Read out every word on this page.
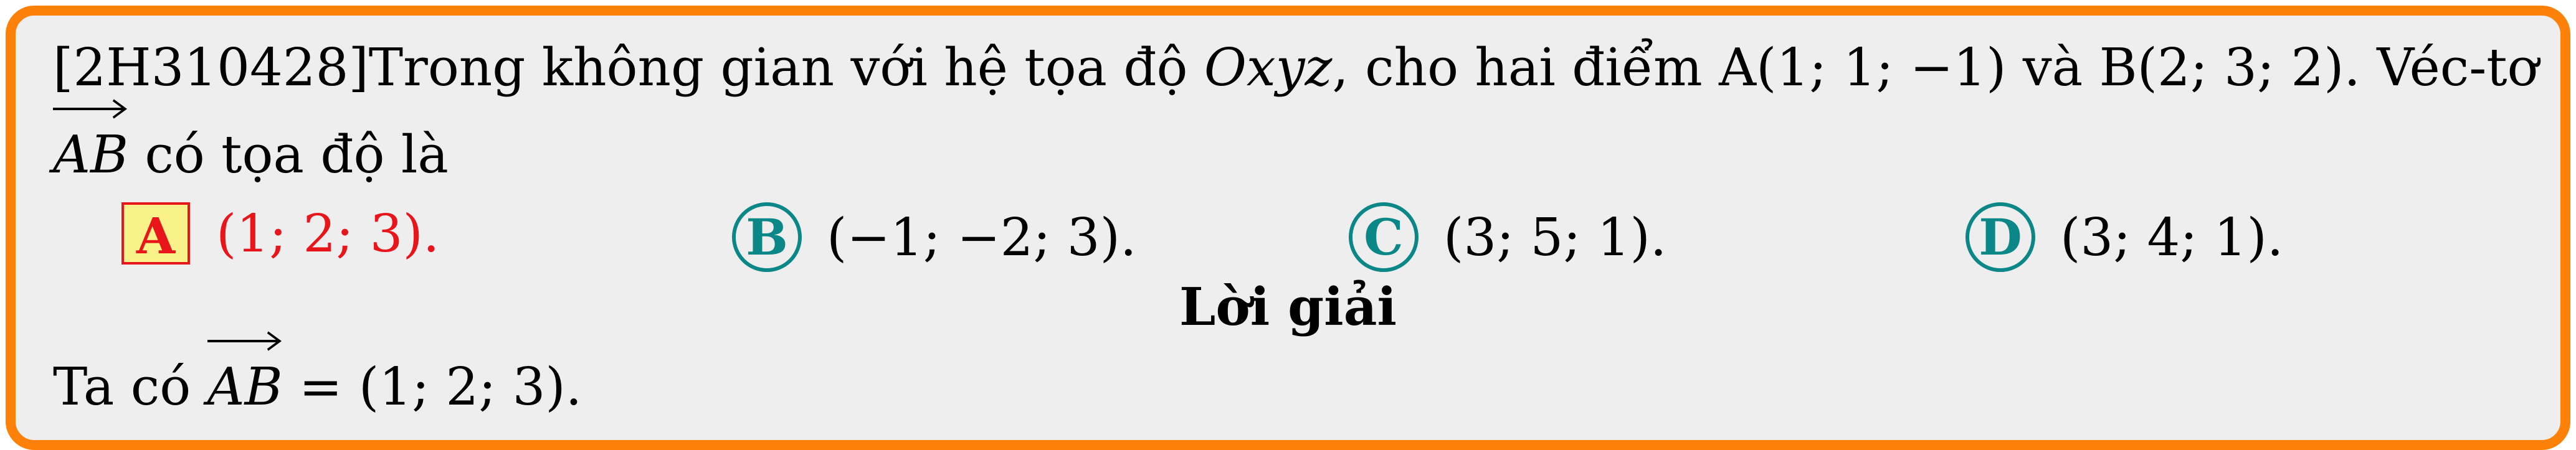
[2H310428]Trong không gian với hệ tọa độ Oxyz, cho hai điểm A(1; 1; −1) và B(2; 3; 2). Véc-tơ
AB có tọa độ là
A (1; 2; 3).	B (−1; −2; 3).	C (3; 5; 1).	D (3; 4; 1).
Lời giải
Ta có
AB = (1; 2; 3).
